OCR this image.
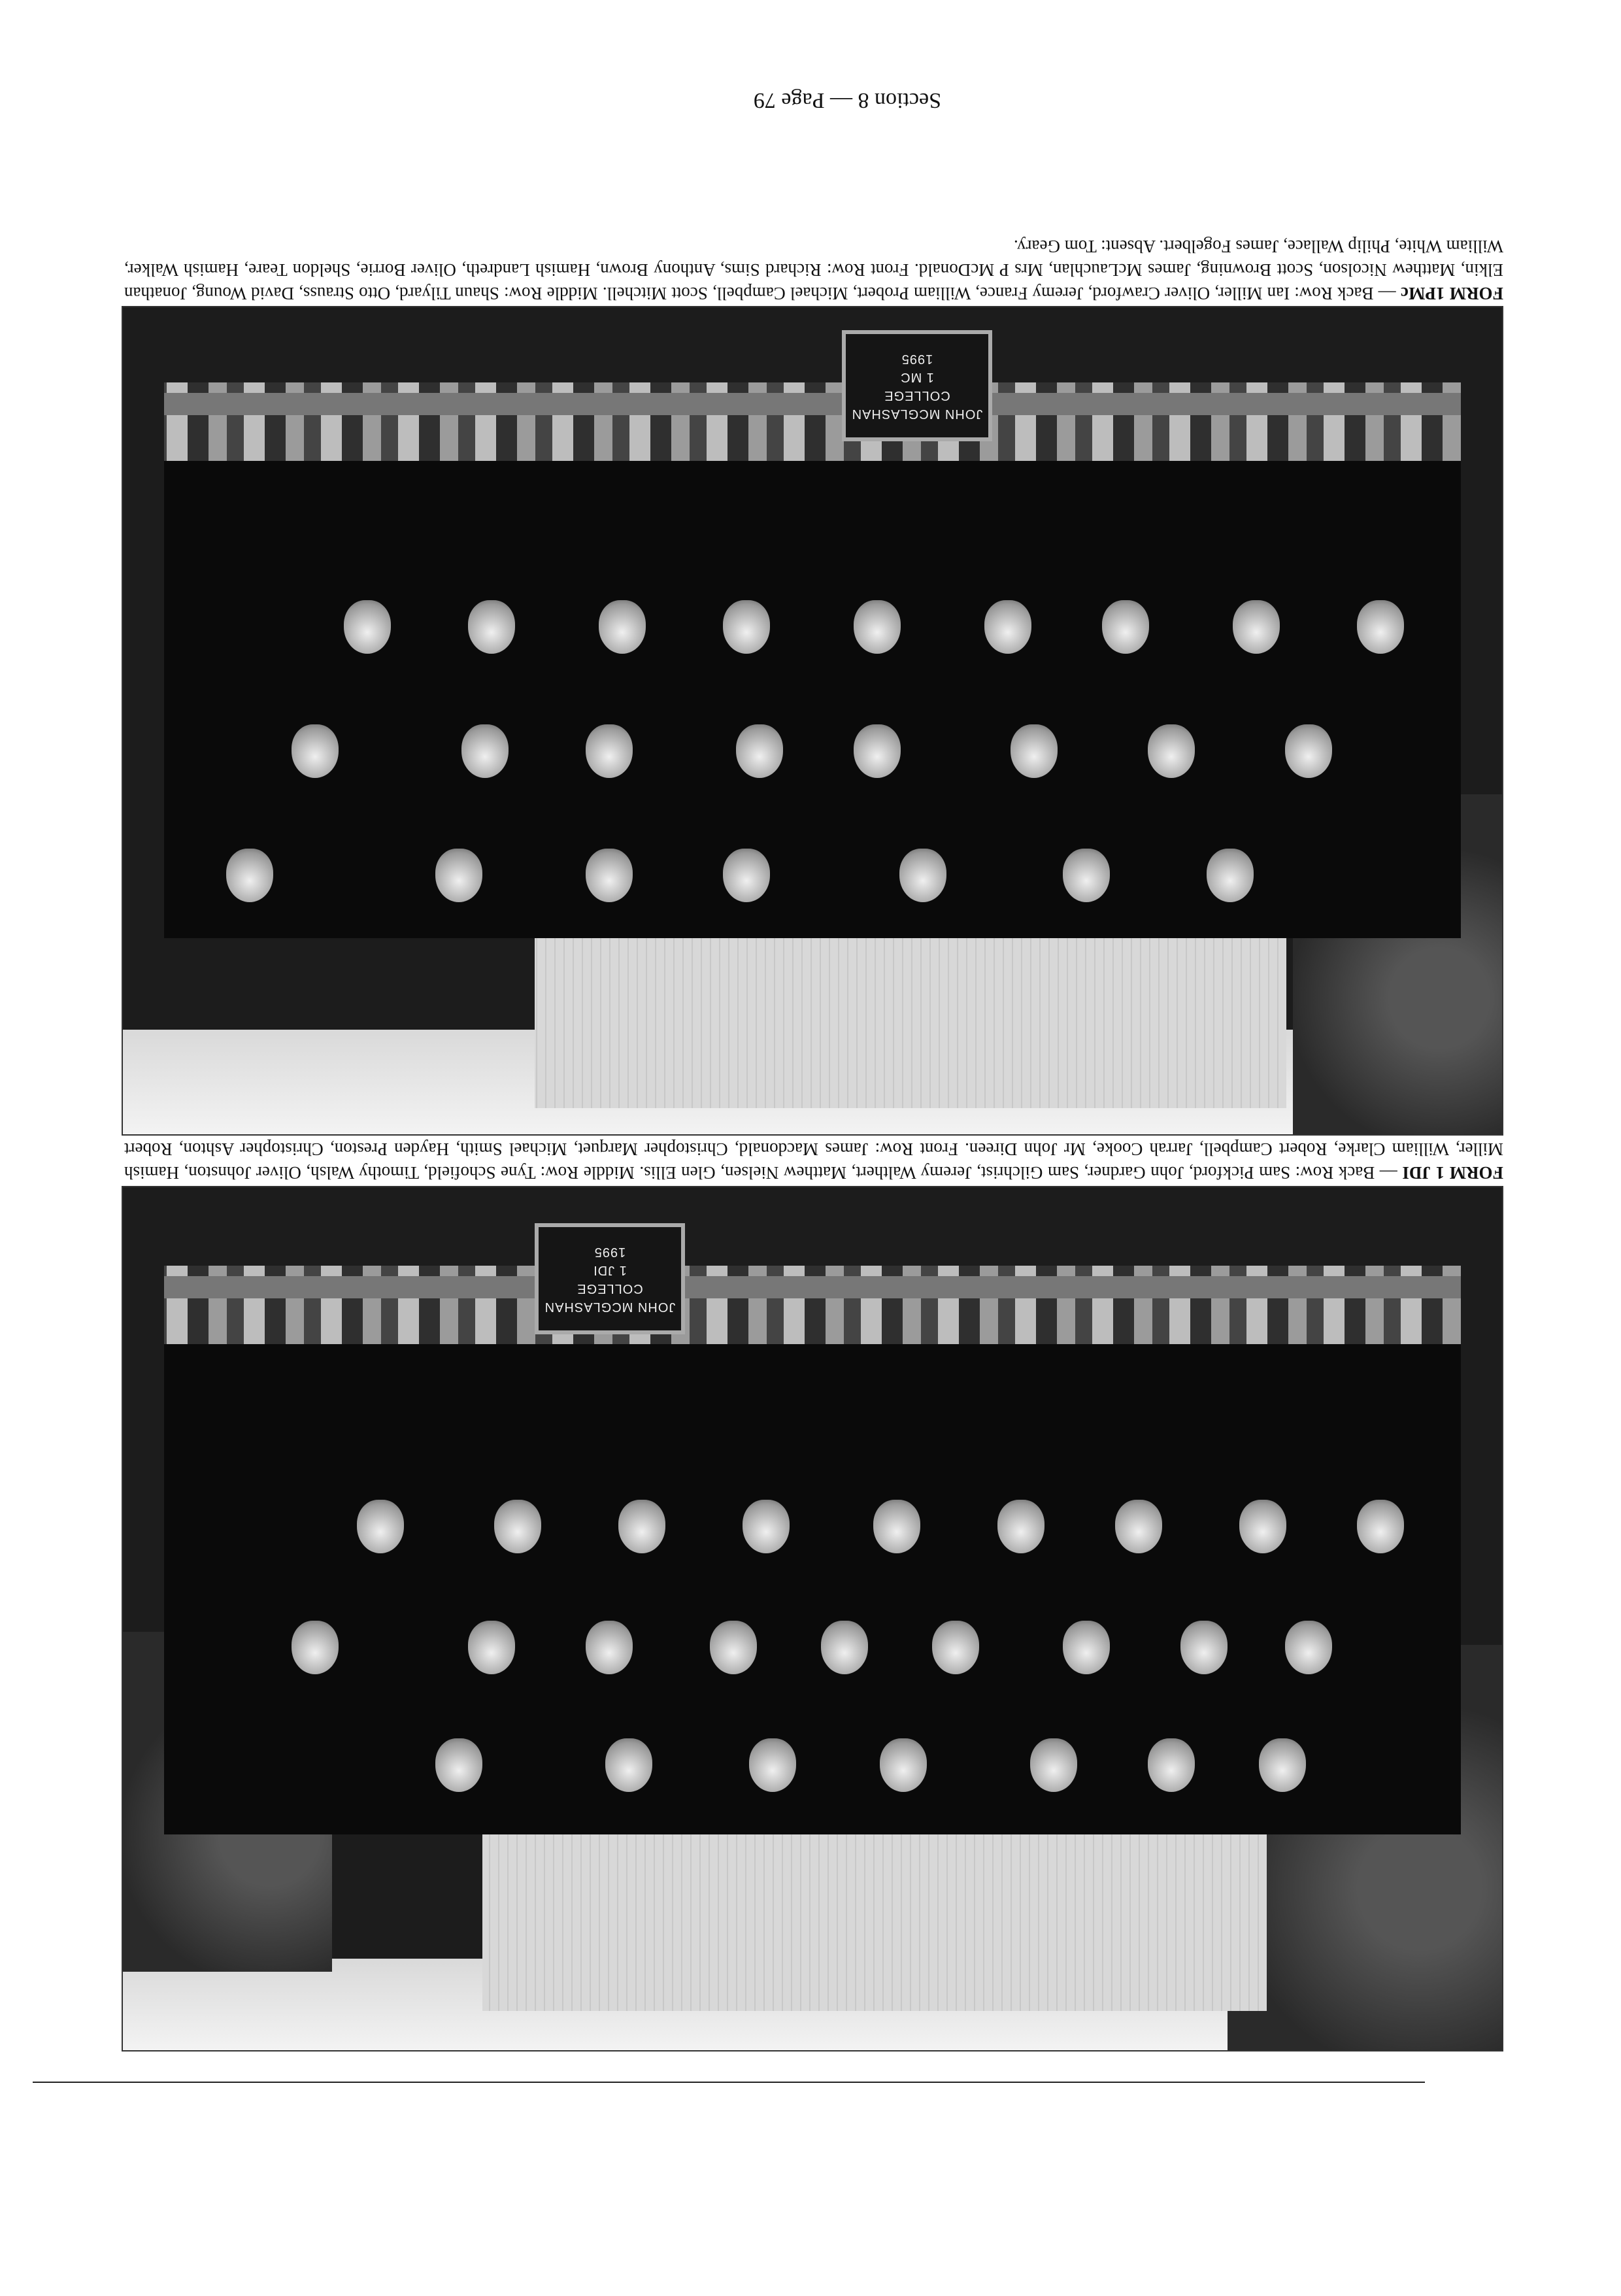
JOHN MCGLASHAN
COLLEGE
1 JDI
1995
FORM 1 JDI — Back Row: Sam Pickford, John Gardner, Sam Gilchrist, Jeremy Walthert, Matthew Nielsen, Glen Ellis. Middle Row: Tyne Schofield, Timothy Walsh, Oliver Johnston, Hamish Miller, William Clarke, Robert Campbell, Jarrah Cooke, Mr John Direen. Front Row: James Macdonald, Christopher Marquet, Michael Smith, Hayden Preston, Christopher Ashton, Robert
JOHN MCGLASHAN
COLLEGE
1 MC
1995
FORM 1PMc — Back Row: Ian Miller, Oliver Crawford, Jeremy France, William Probert, Michael Campbell, Scott Mitchell. Middle Row: Shaun Tilyard, Otto Strauss, David Woung, Jonathan Elkin, Matthew Nicolson, Scott Browning, James McLauchlan, Mrs P McDonald. Front Row: Richard Sims, Anthony Brown, Hamish Landreth, Oliver Borrie, Sheldon Teare, Hamish Walker, William White, Philip Wallace, James Fogelbert. Absent: Tom Geary.
Section 8 — Page 79
